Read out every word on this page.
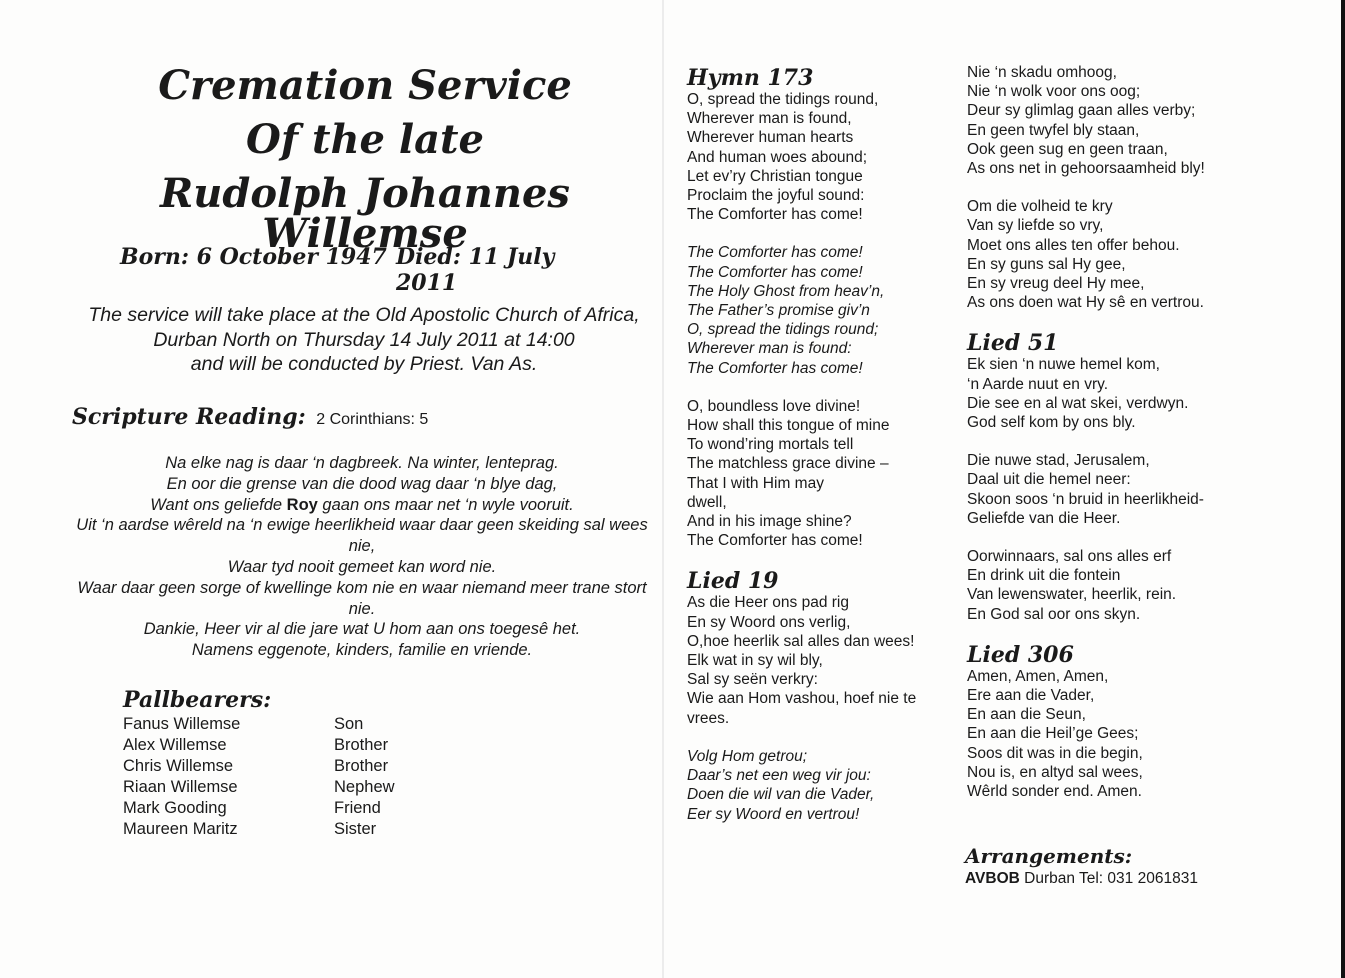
Cremation Service
Of the late
Rudolph Johannes Willemse
Born: 6 October 1947 Died: 11 July 2011
The service will take place at the Old Apostolic Church of Africa,
Durban North on Thursday 14 July 2011 at 14:00
and will be conducted by Priest. Van As.
Scripture Reading: 2 Corinthians: 5
Na elke nag is daar ‘n dagbreek. Na winter, lenteprag.
En oor die grense van die dood wag daar ‘n blye dag,
Want ons geliefde Roy gaan ons maar net ‘n wyle vooruit.
Uit ‘n aardse wêreld na ‘n ewige heerlikheid waar daar geen skeiding sal wees nie,
Waar tyd nooit gemeet kan word nie.
Waar daar geen sorge of kwellinge kom nie en waar niemand meer trane stort nie.
Dankie, Heer vir al die jare wat U hom aan ons toegesê het.
Namens eggenote, kinders, familie en vriende.
Pallbearers:
Fanus Willemse	Son
Alex Willemse	Brother
Chris Willemse	Brother
Riaan Willemse	Nephew
Mark Gooding	Friend
Maureen Maritz	Sister
Hymn 173
O, spread the tidings round,
Wherever man is found,
Wherever human hearts
And human woes abound;
Let ev’ry Christian tongue
Proclaim the joyful sound:
The Comforter has come!
The Comforter has come!
The Comforter has come!
The Holy Ghost from heav’n,
The Father’s promise giv’n
O, spread the tidings round;
Wherever man is found:
The Comforter has come!
O, boundless love divine!
How shall this tongue of mine
To wond’ring mortals tell
The matchless grace divine –
That I with Him may
dwell,
And in his image shine?
The Comforter has come!
Lied 19
As die Heer ons pad rig
En sy Woord ons verlig,
O,hoe heerlik sal alles dan wees!
Elk wat in sy wil bly,
Sal sy seën verkry:
Wie aan Hom vashou, hoef nie te
vrees.
Volg Hom getrou;
Daar’s net een weg vir jou:
Doen die wil van die Vader,
Eer sy Woord en vertrou!
Nie ‘n skadu omhoog,
Nie ‘n wolk voor ons oog;
Deur sy glimlag gaan alles verby;
En geen twyfel bly staan,
Ook geen sug en geen traan,
As ons net in gehoorsaamheid bly!
Om die volheid te kry
Van sy liefde so vry,
Moet ons alles ten offer behou.
En sy guns sal Hy gee,
En sy vreug deel Hy mee,
As ons doen wat Hy sê en vertrou.
Lied 51
Ek sien ‘n nuwe hemel kom,
‘n Aarde nuut en vry.
Die see en al wat skei, verdwyn.
God self kom by ons bly.
Die nuwe stad, Jerusalem,
Daal uit die hemel neer:
Skoon soos ‘n bruid in heerlikheid-
Geliefde van die Heer.
Oorwinnaars, sal ons alles erf
En drink uit die fontein
Van lewenswater, heerlik, rein.
En God sal oor ons skyn.
Lied 306
Amen, Amen, Amen,
Ere aan die Vader,
En aan die Seun,
En aan die Heil’ge Gees;
Soos dit was in die begin,
Nou is, en altyd sal wees,
Wêrld sonder end. Amen.
Arrangements:
AVBOB Durban Tel: 031 2061831
